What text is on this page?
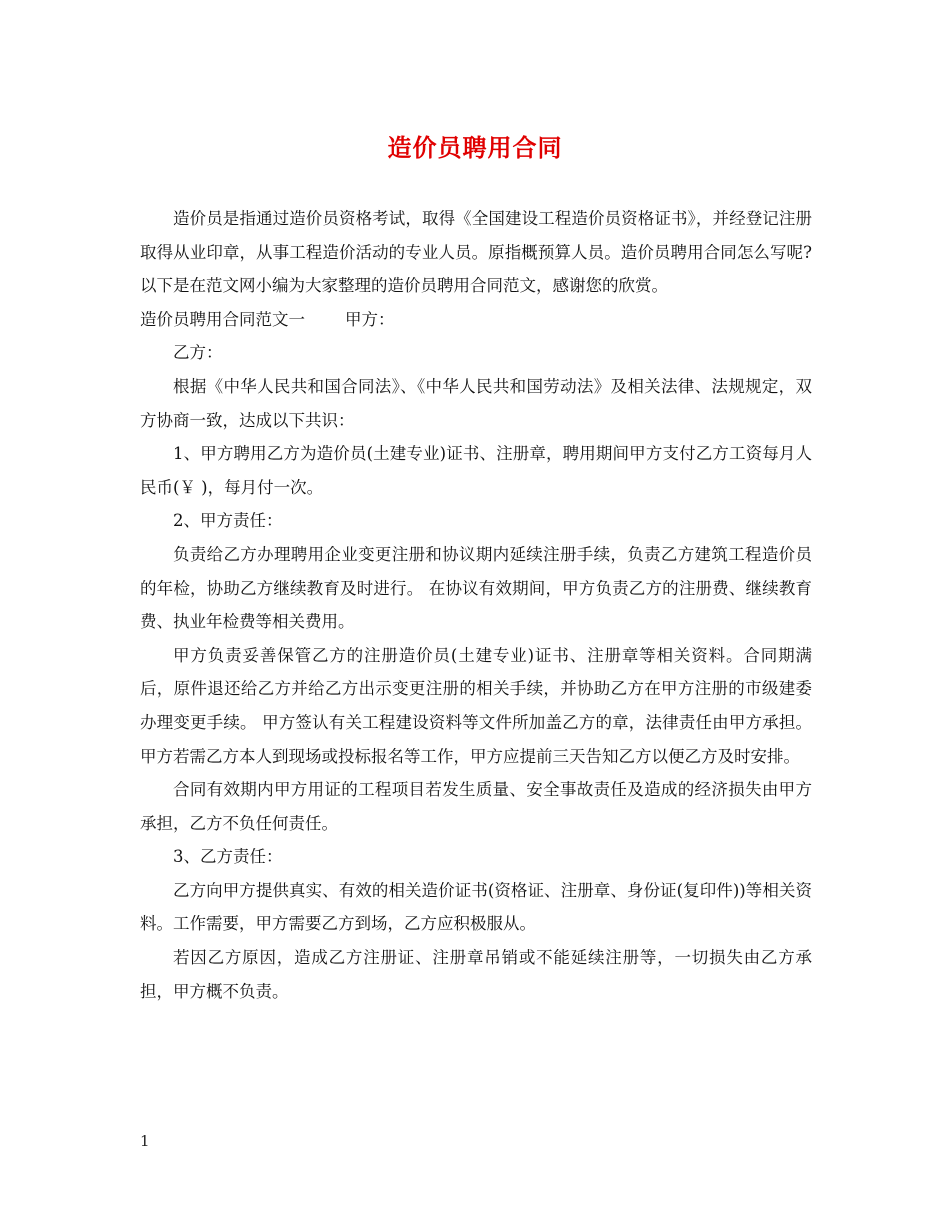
造价员聘用合同

造价员是指通过造价员资格考试，取得《全国建设工程造价员资格证书》，并经登记注册取得从业印章，从事工程造价活动的专业人员。原指概预算人员。造价员聘用合同怎么写呢?以下是在范文网小编为大家整理的造价员聘用合同范文，感谢您的欣赏。

造价员聘用合同范文一 甲方：

乙方：

根据《中华人民共和国合同法》、《中华人民共和国劳动法》及相关法律、法规规定，双方协商一致，达成以下共识：

1、甲方聘用乙方为造价员(土建专业)证书、注册章，聘用期间甲方支付乙方工资每月人民币(￥ )，每月付一次。

2、甲方责任：

负责给乙方办理聘用企业变更注册和协议期内延续注册手续，负责乙方建筑工程造价员的年检，协助乙方继续教育及时进行。 在协议有效期间，甲方负责乙方的注册费、继续教育费、执业年检费等相关费用。

甲方负责妥善保管乙方的注册造价员(土建专业)证书、注册章等相关资料。合同期满后，原件退还给乙方并给乙方出示变更注册的相关手续，并协助乙方在甲方注册的市级建委办理变更手续。 甲方签认有关工程建设资料等文件所加盖乙方的章，法律责任由甲方承担。甲方若需乙方本人到现场或投标报名等工作，甲方应提前三天告知乙方以便乙方及时安排。

合同有效期内甲方用证的工程项目若发生质量、安全事故责任及造成的经济损失由甲方承担，乙方不负任何责任。

3、乙方责任：

乙方向甲方提供真实、有效的相关造价证书(资格证、注册章、身份证(复印件))等相关资料。工作需要，甲方需要乙方到场，乙方应积极服从。

若因乙方原因，造成乙方注册证、注册章吊销或不能延续注册等，一切损失由乙方承担，甲方概不负责。

1
